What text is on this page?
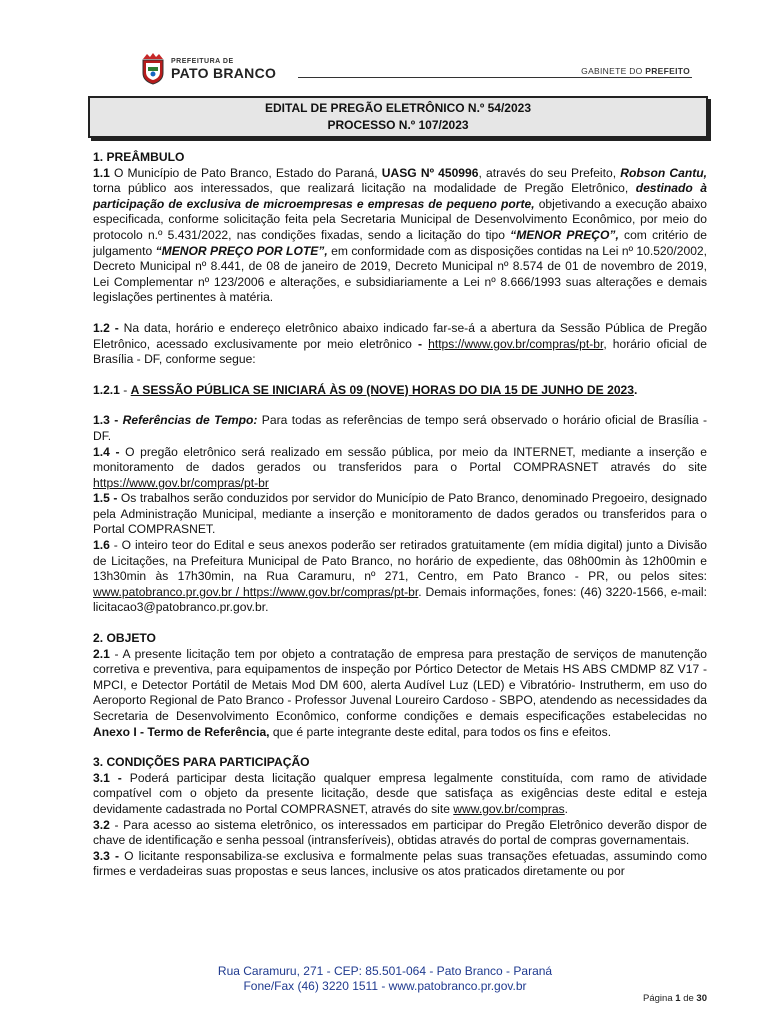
PREFEITURA DE
PATO BRANCO	GABINETE DO PREFEITO
EDITAL DE PREGÃO ELETRÔNICO N.º 54/2023
PROCESSO N.º 107/2023

1. PREÂMBULO

1.1 O Município de Pato Branco, Estado do Paraná, UASG Nº 450996, através do seu Prefeito, Robson Cantu, torna público aos interessados, que realizará licitação na modalidade de Pregão Eletrônico, destinado à participação de exclusiva de microempresas e empresas de pequeno porte, objetivando a execução abaixo especificada, conforme solicitação feita pela Secretaria Municipal de Desenvolvimento Econômico, por meio do protocolo n.º 5.431/2022, nas condições fixadas, sendo a licitação do tipo “MENOR PREÇO”, com critério de julgamento “MENOR PREÇO POR LOTE”, em conformidade com as disposições contidas na Lei nº 10.520/2002, Decreto Municipal nº 8.441, de 08 de janeiro de 2019, Decreto Municipal nº 8.574 de 01 de novembro de 2019, Lei Complementar nº 123/2006 e alterações, e subsidiariamente a Lei nº 8.666/1993 suas alterações e demais legislações pertinentes à matéria.

1.2 - Na data, horário e endereço eletrônico abaixo indicado far-se-á a abertura da Sessão Pública de Pregão Eletrônico, acessado exclusivamente por meio eletrônico - https://www.gov.br/compras/pt-br, horário oficial de Brasília - DF, conforme segue:

1.2.1 - A SESSÃO PÚBLICA SE INICIARÁ ÀS 09 (NOVE) HORAS DO DIA 15 DE JUNHO DE 2023.

1.3 - Referências de Tempo: Para todas as referências de tempo será observado o horário oficial de Brasília - DF.

1.4 - O pregão eletrônico será realizado em sessão pública, por meio da INTERNET, mediante a inserção e monitoramento de dados gerados ou transferidos para o Portal COMPRASNET através do site https://www.gov.br/compras/pt-br

1.5 - Os trabalhos serão conduzidos por servidor do Município de Pato Branco, denominado Pregoeiro, designado pela Administração Municipal, mediante a inserção e monitoramento de dados gerados ou transferidos para o Portal COMPRASNET.

1.6 - O inteiro teor do Edital e seus anexos poderão ser retirados gratuitamente (em mídia digital) junto a Divisão de Licitações, na Prefeitura Municipal de Pato Branco, no horário de expediente, das 08h00min às 12h00min e 13h30min às 17h30min, na Rua Caramuru, nº 271, Centro, em Pato Branco - PR, ou pelos sites: www.patobranco.pr.gov.br / https://www.gov.br/compras/pt-br. Demais informações, fones: (46) 3220-1566, e-mail: licitacao3@patobranco.pr.gov.br.

2. OBJETO

2.1 - A presente licitação tem por objeto a contratação de empresa para prestação de serviços de manutenção corretiva e preventiva, para equipamentos de inspeção por Pórtico Detector de Metais HS ABS CMDMP 8Z V17 - MPCI, e Detector Portátil de Metais Mod DM 600, alerta Audível Luz (LED) e Vibratório- Instrutherm, em uso do Aeroporto Regional de Pato Branco - Professor Juvenal Loureiro Cardoso - SBPO, atendendo as necessidades da Secretaria de Desenvolvimento Econômico, conforme condições e demais especificações estabelecidas no Anexo I - Termo de Referência, que é parte integrante deste edital, para todos os fins e efeitos.

3. CONDIÇÕES PARA PARTICIPAÇÃO

3.1 - Poderá participar desta licitação qualquer empresa legalmente constituída, com ramo de atividade compatível com o objeto da presente licitação, desde que satisfaça as exigências deste edital e esteja devidamente cadastrada no Portal COMPRASNET, através do site www.gov.br/compras.

3.2 - Para acesso ao sistema eletrônico, os interessados em participar do Pregão Eletrônico deverão dispor de chave de identificação e senha pessoal (intransferíveis), obtidas através do portal de compras governamentais.

3.3 - O licitante responsabiliza-se exclusiva e formalmente pelas suas transações efetuadas, assumindo como firmes e verdadeiras suas propostas e seus lances, inclusive os atos praticados diretamente ou por

Rua Caramuru, 271 - CEP: 85.501-064 - Pato Branco - Paraná
Fone/Fax (46) 3220 1511 - www.patobranco.pr.gov.br
Página 1 de 30
